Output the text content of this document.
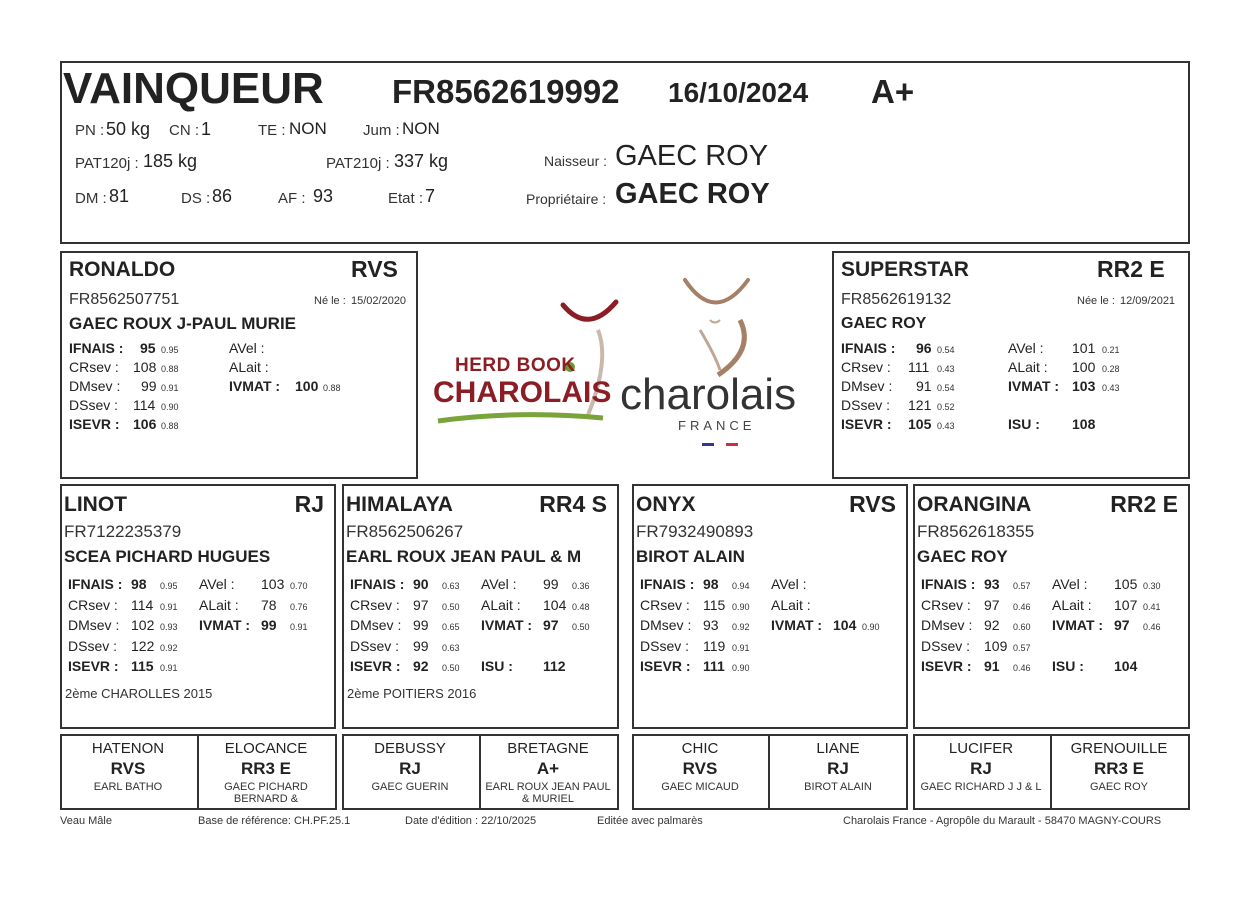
VAINQUEUR FR8562619992 16/10/2024 A+
PN : 50 kg CN : 1	TE : NON Jum : NON
PAT120j : 185 kg	PAT210j : 337 kg
DM : 81	DS : 86	AF : 93	Etat : 7
Naisseur : GAEC ROY
Propriétaire : GAEC ROY
RONALDO	RVS
FR8562507751	Né le : 15/02/2020
GAEC ROUX J-PAUL MURIE
IFNAIS : 95 0.95
CRsev : 108 0.88
DMsev : 99 0.91
DSsev : 114 0.90
ISEVR : 106 0.88
AVel :
ALait :
IVMAT : 100 0.88
HERD BOOK
CHAROLAIS charolais
FRANCE
SUPERSTAR	RR2 E
FR8562619132	Née le : 12/09/2021
GAEC ROY
IFNAIS : 96 0.54
CRsev : 111 0.43
DMsev : 91 0.54
DSsev : 121 0.52
ISEVR : 105 0.43
AVel : 101 0.21
ALait : 100 0.28
IVMAT : 103 0.43
ISU : 108
LINOT	RJ
FR7122235379
SCEA PICHARD HUGUES
IFNAIS : 98 0.95
CRsev : 114 0.91
DMsev : 102 0.93
DSsev : 122 0.92
ISEVR : 115 0.91
AVel : 103 0.70
ALait : 78 0.76
IVMAT : 99 0.91
2ème CHAROLLES 2015
HIMALAYA	RR4 S
FR8562506267
EARL ROUX JEAN PAUL & M
IFNAIS : 90 0.63
CRsev : 97 0.50
DMsev : 99 0.65
DSsev : 99 0.63
ISEVR : 92 0.50
AVel : 99 0.36
ALait : 104 0.48
IVMAT : 97 0.50
ISU : 112
2ème POITIERS 2016
ONYX	RVS
FR7932490893
BIROT ALAIN
IFNAIS : 98 0.94
CRsev : 115 0.90
DMsev : 93 0.92
DSsev : 119 0.91
ISEVR : 111 0.90
AVel :
ALait :
IVMAT : 104 0.90
ORANGINA	RR2 E
FR8562618355
GAEC ROY
IFNAIS : 93 0.57
CRsev : 97 0.46
DMsev : 92 0.60
DSsev : 109 0.57
ISEVR : 91 0.46
AVel : 105 0.30
ALait : 107 0.41
IVMAT : 97 0.46
ISU : 104
HATENON
RVS
EARL BATHO
ELOCANCE
RR3 E
GAEC PICHARD BERNARD &
DEBUSSY
RJ
GAEC GUERIN
BRETAGNE
A+
EARL ROUX JEAN PAUL & MURIEL
CHIC
RVS
GAEC MICAUD
LIANE
RJ
BIROT ALAIN
LUCIFER
RJ
GAEC RICHARD J J & L
GRENOUILLE
RR3 E
GAEC ROY
Veau Mâle	Base de référence: CH.PF.25.1	Date d'édition : 22/10/2025	Editée avec palmarès	Charolais France - Agropôle du Marault - 58470 MAGNY-COURS
